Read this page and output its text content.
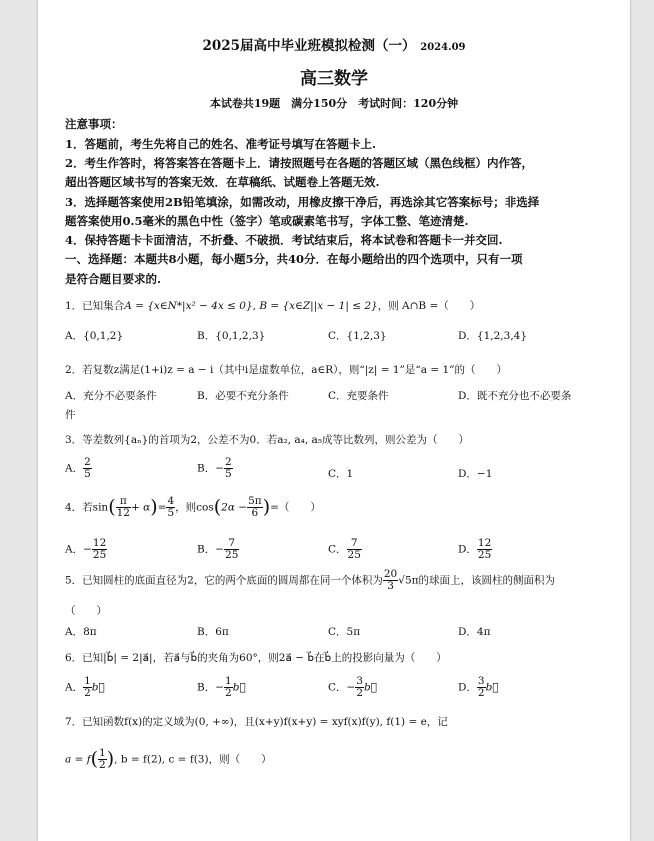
2025届高中毕业班模拟检测（一） 2024.09
高三数学
本试卷共19题　满分150分　考试时间：120分钟
注意事项：
1．答题前，考生先将自己的姓名、准考证号填写在答题卡上.
2．考生作答时，将答案答在答题卡上．请按照题号在各题的答题区域（黑色线框）内作答，
超出答题区域书写的答案无效．在草稿纸、试题卷上答题无效.
3．选择题答案使用2B铅笔填涂，如需改动，用橡皮擦干净后，再选涂其它答案标号；非选择
题答案使用0.5毫米的黑色中性（签字）笔或碳素笔书写，字体工整、笔迹清楚.
4．保持答题卡卡面清洁，不折叠、不破损．考试结束后，将本试卷和答题卡一并交回.
一、选择题：本题共8小题，每小题5分，共40分．在每小题给出的四个选项中，只有一项
是符合题目要求的.
1．已知集合A = {x∈N*|x² − 4x ≤ 0}, B = {x∈Z||x − 1| ≤ 2}，则 A∩B =（　　）
A．{0,1,2}	B．{0,1,2,3}	C．{1,2,3}	D．{1,2,3,4}
2．若复数z满足(1+i)z = a − i（其中i是虚数单位，a∈R），则“|z| = 1”是“a = 1”的（　　）
A．充分不必要条件	B．必要不充分条件	C．充要条件	D．既不充分也不必要条
件
3．等差数列{aₙ}的首项为2，公差不为0．若a₂, a₄, a₅成等比数列，则公差为（　　）
A． $\frac{2}{5}$	B．− $\frac{2}{5}$	C．1	D．−1
4．若$\sin( \frac{\pi}{12} + \alpha)= \frac{4}{5}$ ，则$\cos(2\alpha - \frac{5\pi}{6}$ )=（　　）
A．− $\frac{12}{25}$	B．− $\frac{7}{25}$	C． $\frac{7}{25}$	D． $\frac{12}{25}$
5．已知圆柱的底面直径为2，它的两个底面的圆周都在同一个体积为 $\frac{20}{3} √5\pi$的球面上，该圆柱的侧面积为
（　　）
A．8π	B．6π	C．5π	D．4π
6．已知|b⃗| = 2|a⃗|，若a⃗与b⃗的夹角为60°，则2a⃗ − b⃗在b⃗上的投影向量为（　　）
A． $\frac{1}{2}$ b⃗	B．− $\frac{1}{2}$ b⃗	C．− $\frac{3}{2}$ b⃗	D． $\frac{3}{2}$ b⃗
7．已知函数f(x)的定义域为(0, +∞)，且(x+y)f(x+y) = xyf(x)f(y), f(1) = e，记
$a = f( \frac{1}{2}$ ), b = f(2), c = f(3)，则（　　）
